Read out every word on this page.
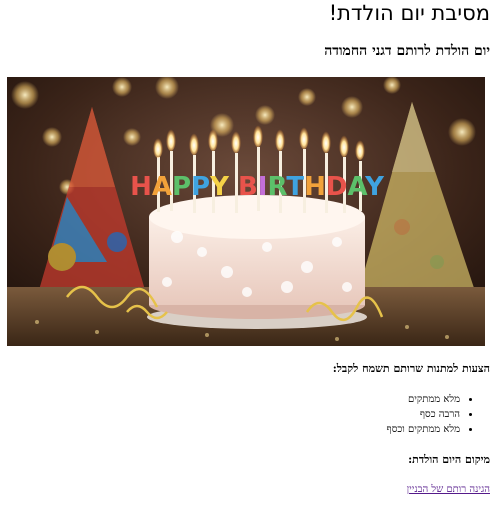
מסיבת יום הולדת!
יום הולדת לרותם דגני החמודה
HAPPY BIRTHDAY
הצעות למתנות שרותם תשמח לקבל:
• מלא ממתקים
• הרבה כסף
• מלא ממתקים וכסף
מיקום היום הולדת:
הגינה רותם של הבניין
